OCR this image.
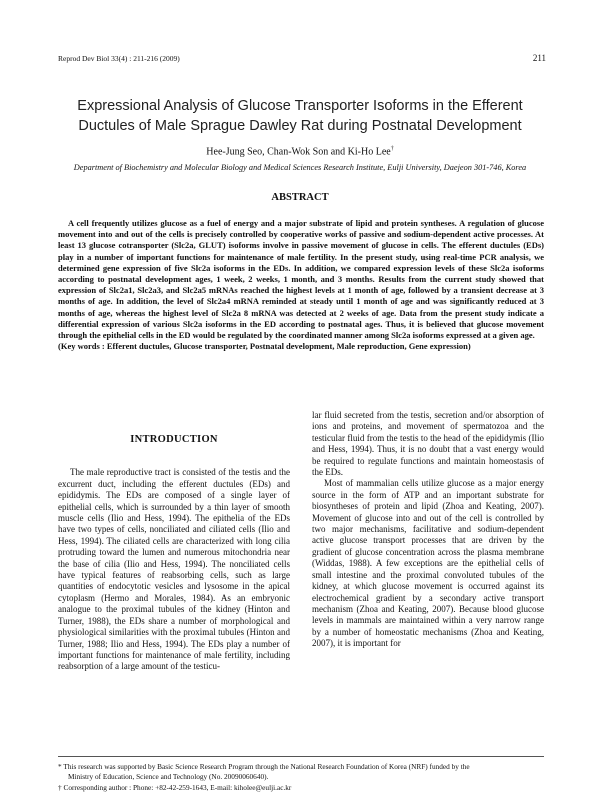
Reprod Dev Biol 33(4) : 211-216 (2009)	211
Expressional Analysis of Glucose Transporter Isoforms in the Efferent
Ductules of Male Sprague Dawley Rat during Postnatal Development
Hee-Jung Seo, Chan-Wok Son and Ki-Ho Lee†
Department of Biochemistry and Molecular Biology and Medical Sciences Research Institute, Eulji University, Daejeon 301-746, Korea
ABSTRACT
A cell frequently utilizes glucose as a fuel of energy and a major substrate of lipid and protein syntheses. A regulation of glucose movement into and out of the cells is precisely controlled by cooperative works of passive and sodium-dependent active processes. At least 13 glucose cotransporter (Slc2a, GLUT) isoforms involve in passive movement of glucose in cells. The efferent ductules (EDs) play in a number of important functions for maintenance of male fertility. In the present study, using real-time PCR analysis, we determined gene expression of five Slc2a isoforms in the EDs. In addition, we compared expression levels of these Slc2a isoforms according to postnatal development ages, 1 week, 2 weeks, 1 month, and 3 months. Results from the current study showed that expression of Slc2a1, Slc2a3, and Slc2a5 mRNAs reached the highest levels at 1 month of age, followed by a transient decrease at 3 months of age. In addition, the level of Slc2a4 mRNA reminded at steady until 1 month of age and was significantly reduced at 3 months of age, whereas the highest level of Slc2a 8 mRNA was detected at 2 weeks of age. Data from the present study indicate a differential expression of various Slc2a isoforms in the ED according to postnatal ages. Thus, it is believed that glucose movement through the epithelial cells in the ED would be regulated by the coordinated manner among Slc2a isoforms expressed at a given age.
(Key words : Efferent ductules, Glucose transporter, Postnatal development, Male reproduction, Gene expression)
INTRODUCTION

The male reproductive tract is consisted of the testis and the excurrent duct, including the efferent ductules (EDs) and epididymis. The EDs are composed of a single layer of epithelial cells, which is surrounded by a thin layer of smooth muscle cells (Ilio and Hess, 1994). The epithelia of the EDs have two types of cells, nonciliated and ciliated cells (Ilio and Hess, 1994). The ciliated cells are characterized with long cilia protruding toward the lumen and numerous mitochondria near the base of cilia (Ilio and Hess, 1994). The nonciliated cells have typical features of reabsorbing cells, such as large quantities of endocytotic vesicles and lysosome in the apical cytoplasm (Hermo and Morales, 1984). As an embryonic analogue to the proximal tubules of the kidney (Hinton and Turner, 1988), the EDs share a number of morphological and physiological similarities with the proximal tubules (Hinton and Turner, 1988; Ilio and Hess, 1994). The EDs play a number of important functions for maintenance of male fertility, including reabsorption of a large amount of the testicu-

lar fluid secreted from the testis, secretion and/or absorption of ions and proteins, and movement of spermatozoa and the testicular fluid from the testis to the head of the epididymis (Ilio and Hess, 1994). Thus, it is no doubt that a vast energy would be required to regulate functions and maintain homeostasis of the EDs.

Most of mammalian cells utilize glucose as a major energy source in the form of ATP and an important substrate for biosyntheses of protein and lipid (Zhoa and Keating, 2007). Movement of glucose into and out of the cell is controlled by two major mechanisms, facilitative and sodium-dependent active glucose transport processes that are driven by the gradient of glucose concentration across the plasma membrane (Widdas, 1988). A few exceptions are the epithelial cells of small intestine and the proximal convoluted tubules of the kidney, at which glucose movement is occurred against its electrochemical gradient by a secondary active transport mechanism (Zhoa and Keating, 2007). Because blood glucose levels in mammals are maintained within a very narrow range by a number of homeostatic mechanisms (Zhoa and Keating, 2007), it is important for

* This research was supported by Basic Science Research Program through the National Research Foundation of Korea (NRF) funded by the
Ministry of Education, Science and Technology (No. 20090060640).
† Corresponding author : Phone: +82-42-259-1643, E-mail: kiholee@eulji.ac.kr
